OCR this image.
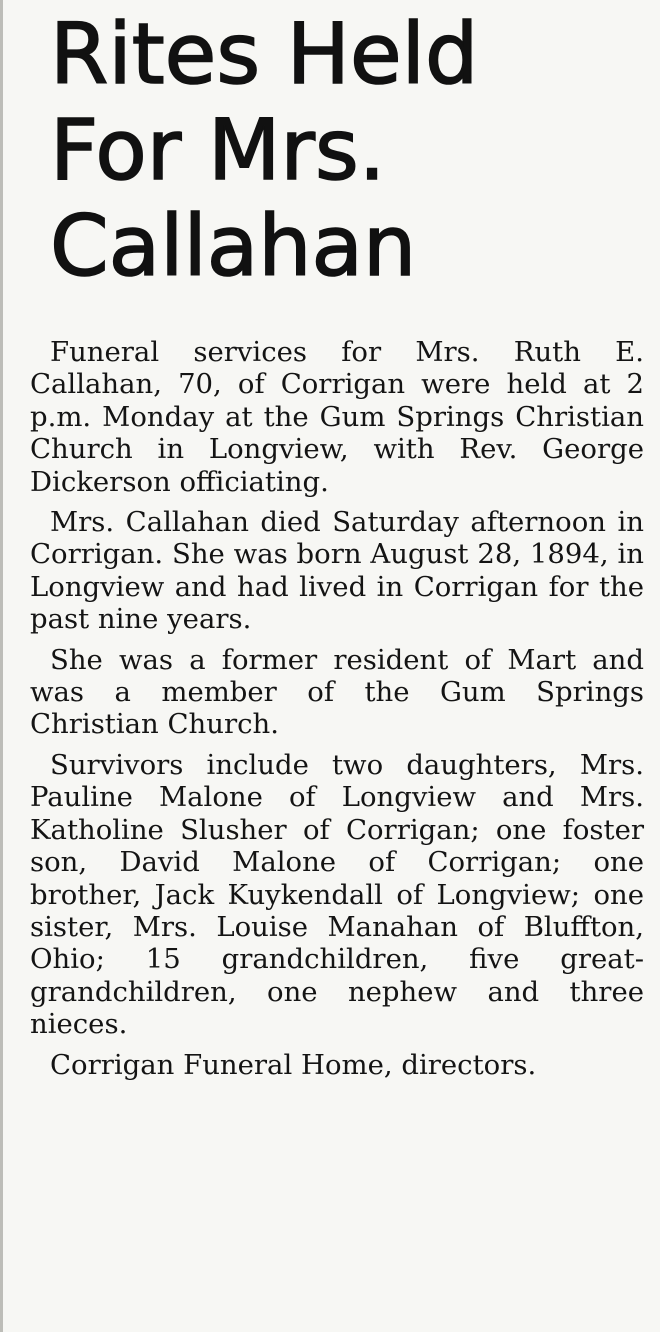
Rites Held
For Mrs.
Callahan

Funeral services for Mrs. Ruth E. Callahan, 70, of Corrigan were held at 2 p.m. Monday at the Gum Springs Christian Church in Longview, with Rev. George Dickerson officiating.

Mrs. Callahan died Saturday afternoon in Corrigan. She was born August 28, 1894, in Longview and had lived in Corrigan for the past nine years.

She was a former resident of Mart and was a member of the Gum Springs Christian Church.

Survivors include two daughters, Mrs. Pauline Malone of Longview and Mrs. Katholine Slusher of Corrigan; one foster son, David Malone of Corrigan; one brother, Jack Kuykendall of Longview; one sister, Mrs. Louise Manahan of Bluffton, Ohio; 15 grandchildren, five great-grandchildren, one nephew and three nieces.

Corrigan Funeral Home, directors.
